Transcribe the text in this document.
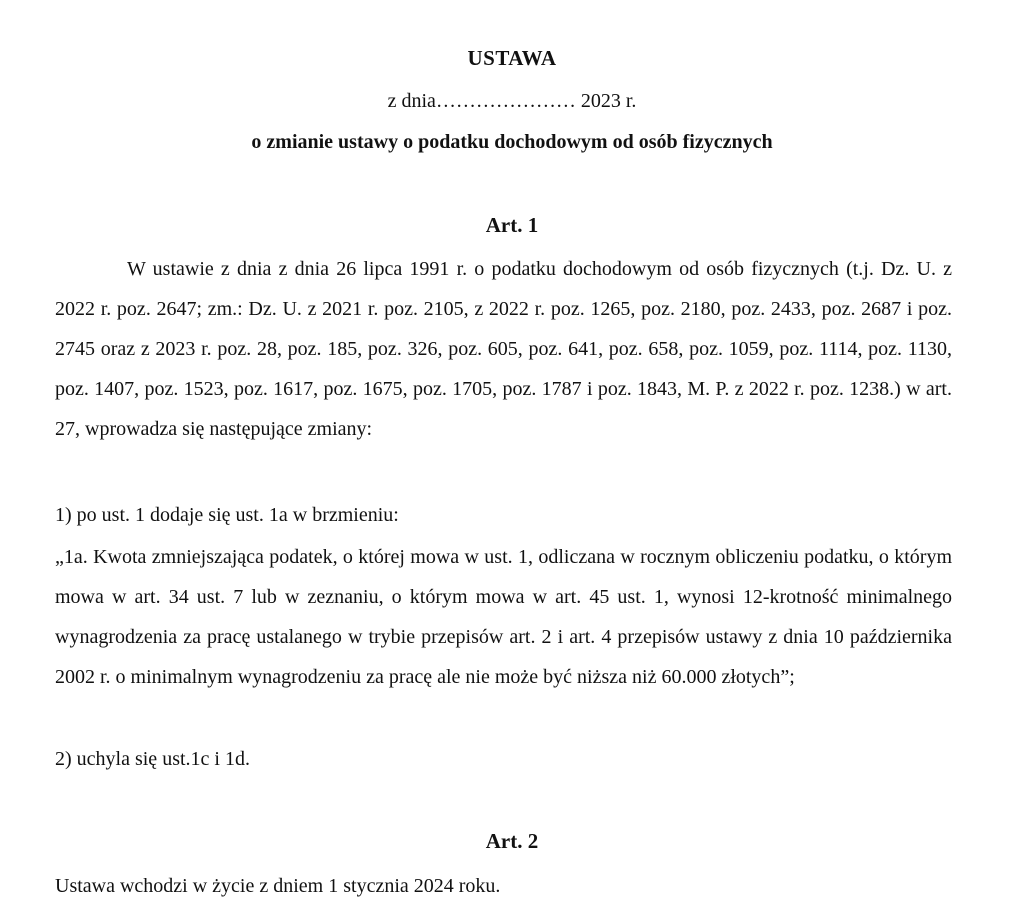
USTAWA
z dnia………………… 2023 r.
o zmianie ustawy o podatku dochodowym od osób fizycznych
Art. 1
W ustawie z dnia z dnia 26 lipca 1991 r. o podatku dochodowym od osób fizycznych (t.j. Dz. U. z 2022 r. poz. 2647; zm.: Dz. U. z 2021 r. poz. 2105, z 2022 r. poz. 1265, poz. 2180, poz. 2433, poz. 2687 i poz. 2745 oraz z 2023 r. poz. 28, poz. 185, poz. 326, poz. 605, poz. 641, poz. 658, poz. 1059, poz. 1114, poz. 1130, poz. 1407, poz. 1523, poz. 1617, poz. 1675, poz. 1705, poz. 1787 i poz. 1843, M. P. z 2022 r. poz. 1238.) w art. 27, wprowadza się następujące zmiany:
1) po ust. 1 dodaje się ust. 1a w brzmieniu:
„1a. Kwota zmniejszająca podatek, o której mowa w ust. 1, odliczana w rocznym obliczeniu podatku, o którym mowa w art. 34 ust. 7 lub w zeznaniu, o którym mowa w art. 45 ust. 1, wynosi 12-krotność minimalnego wynagrodzenia za pracę ustalanego w trybie przepisów art. 2 i art. 4 przepisów ustawy z dnia 10 października 2002 r. o minimalnym wynagrodzeniu za pracę ale nie może być niższa niż 60.000 złotych”;
2) uchyla się ust.1c i 1d.
Art. 2
Ustawa wchodzi w życie z dniem 1 stycznia 2024 roku.
